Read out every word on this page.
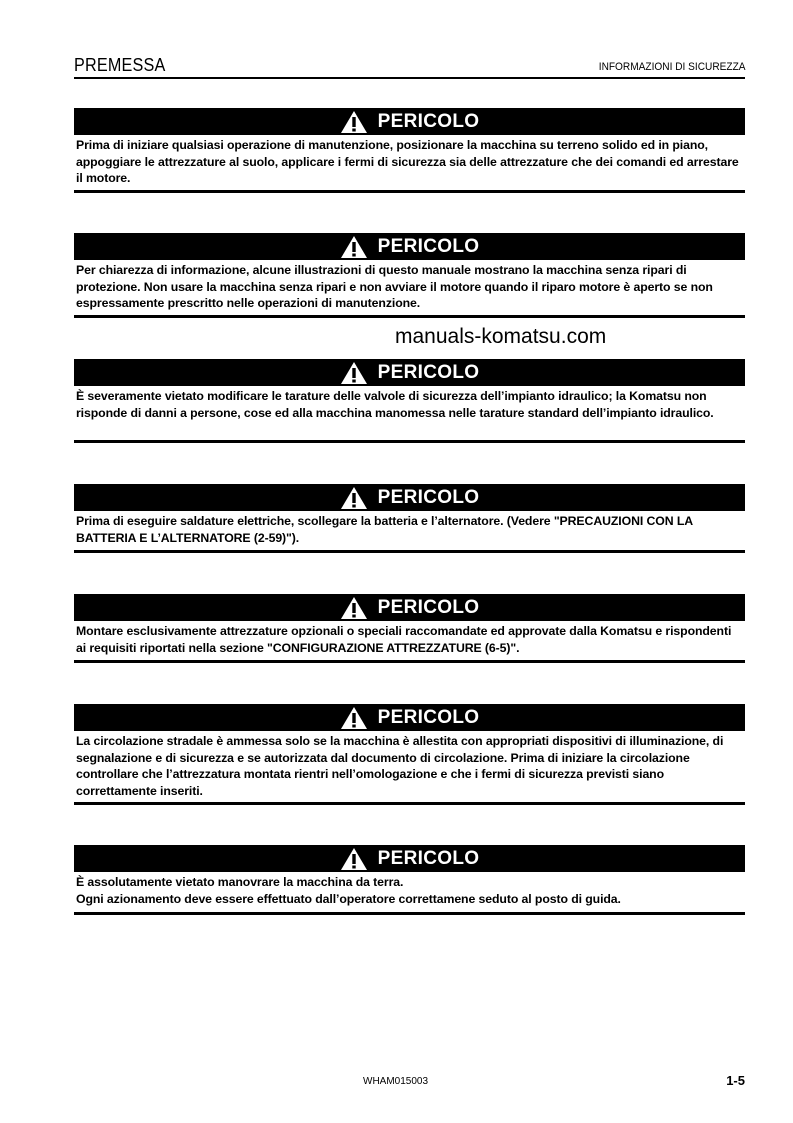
PREMESSA	INFORMAZIONI DI SICUREZZA
PERICOLO

Prima di iniziare qualsiasi operazione di manutenzione, posizionare la macchina su terreno solido ed in piano, appoggiare le attrezzature al suolo, applicare i fermi di sicurezza sia delle attrezzature che dei comandi ed arrestare il motore.

PERICOLO

Per chiarezza di informazione, alcune illustrazioni di questo manuale mostrano la macchina senza ripari di protezione. Non usare la macchina senza ripari e non avviare il motore quando il riparo motore è aperto se non espressamente prescritto nelle operazioni di manutenzione.

PERICOLO

È severamente vietato modificare le tarature delle valvole di sicurezza dell’impianto idraulico; la Komatsu non risponde di danni a persone, cose ed alla macchina manomessa nelle tarature standard dell’impianto idraulico.

PERICOLO

Prima di eseguire saldature elettriche, scollegare la batteria e l’alternatore. (Vedere "PRECAUZIONI CON LA BATTERIA E L’ALTERNATORE (2-59)").

PERICOLO

Montare esclusivamente attrezzature opzionali o speciali raccomandate ed approvate dalla Komatsu e rispondenti ai requisiti riportati nella sezione "CONFIGURAZIONE ATTREZZATURE (6-5)".

PERICOLO

La circolazione stradale è ammessa solo se la macchina è allestita con appropriati dispositivi di illuminazione, di segnalazione e di sicurezza e se autorizzata dal documento di circolazione. Prima di iniziare la circolazione controllare che l’attrezzatura montata rientri nell’omologazione e che i fermi di sicurezza previsti siano correttamente inseriti.

PERICOLO

È assolutamente vietato manovrare la macchina da terra.

Ogni azionamento deve essere effettuato dall’operatore correttamene seduto al posto di guida.

manuals-komatsu.com
WHAM015003	1-5
